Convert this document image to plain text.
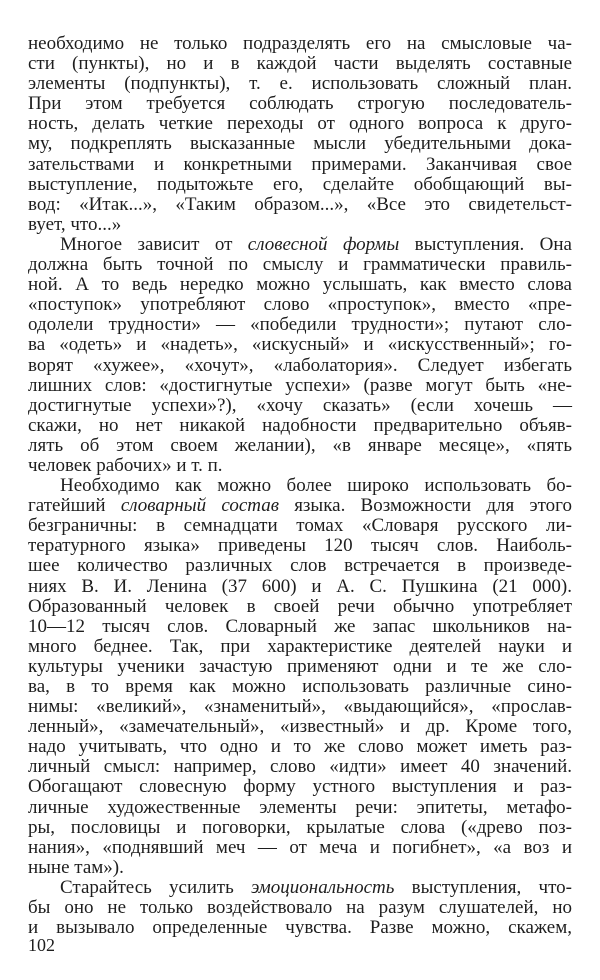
необходимо не только подразделять его на смысловые ча-
сти (пункты), но и в каждой части выделять составные
элементы (подпункты), т. е. использовать сложный план.
При этом требуется соблюдать строгую последователь-
ность, делать четкие переходы от одного вопроса к друго-
му, подкреплять высказанные мысли убедительными дока-
зательствами и конкретными примерами. Заканчивая свое
выступление, подытожьте его, сделайте обобщающий вы-
вод: «Итак...», «Таким образом...», «Все это свидетельст-
вует, что...»
Многое зависит от словесной формы выступления. Она
должна быть точной по смыслу и грамматически правиль-
ной. А то ведь нередко можно услышать, как вместо слова
«поступок» употребляют слово «проступок», вместо «пре-
одолели трудности» — «победили трудности»; путают сло-
ва «одеть» и «надеть», «искусный» и «искусственный»; го-
ворят «хужее», «хочут», «лаболатория». Следует избегать
лишних слов: «достигнутые успехи» (разве могут быть «не-
достигнутые успехи»?), «хочу сказать» (если хочешь —
скажи, но нет никакой надобности предварительно объяв-
лять об этом своем желании), «в январе месяце», «пять
человек рабочих» и т. п.
Необходимо как можно более широко использовать бо-
гатейший словарный состав языка. Возможности для этого
безграничны: в семнадцати томах «Словаря русского ли-
тературного языка» приведены 120 тысяч слов. Наиболь-
шее количество различных слов встречается в произведе-
ниях В. И. Ленина (37 600) и А. С. Пушкина (21 000).
Образованный человек в своей речи обычно употребляет
10—12 тысяч слов. Словарный же запас школьников на-
много беднее. Так, при характеристике деятелей науки и
культуры ученики зачастую применяют одни и те же сло-
ва, в то время как можно использовать различные сино-
нимы: «великий», «знаменитый», «выдающийся», «прослав-
ленный», «замечательный», «известный» и др. Кроме того,
надо учитывать, что одно и то же слово может иметь раз-
личный смысл: например, слово «идти» имеет 40 значений.
Обогащают словесную форму устного выступления и раз-
личные художественные элементы речи: эпитеты, метафо-
ры, пословицы и поговорки, крылатые слова («древо поз-
нания», «поднявший меч — от меча и погибнет», «а воз и
ныне там»).
Старайтесь усилить эмоциональность выступления, что-
бы оно не только воздействовало на разум слушателей, но
и вызывало определенные чувства. Разве можно, скажем,
102
